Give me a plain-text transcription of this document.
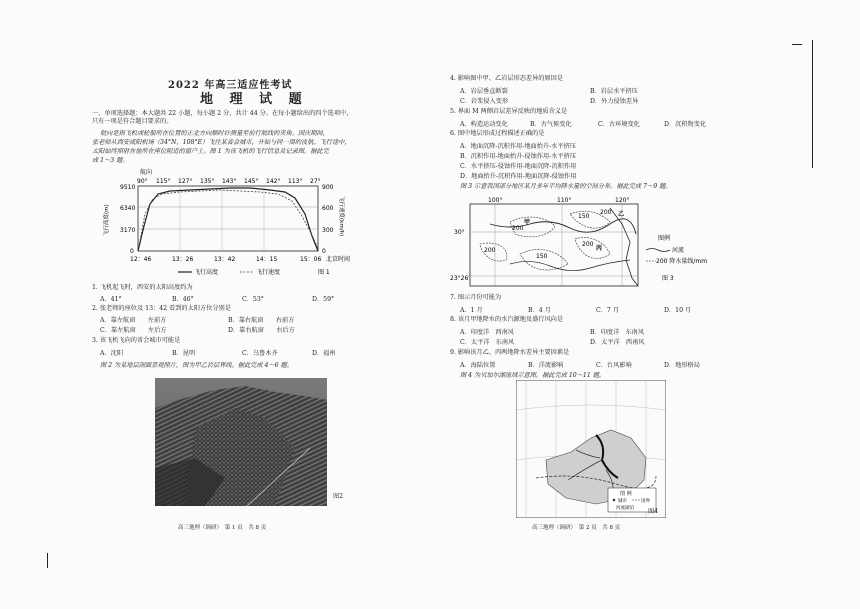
2022 年高三适应性考试
地 理 试 题
一、单项选择题：本大题共 22 小题，每小题 2 分，共计 44 分。在每小题给出的四个选项中，
只有一项是符合题目要求的。
航向是指飞机或轮船所在位置的正北方向顺时针测量至前行航线的夹角。国庆期间，
张老师从西安咸阳机场（34°N，108°E）飞往某省会城市，开始与同一周的夜航。飞行途中，
太阳始终照射在他所在座位附近的窗户上。图 1 为该飞机的飞行信息及记录图。据此完
成 1～3 题。
航向
90° 115° 127° 135° 143° 145° 142° 113° 27°
9510
6340
3170
0
900
600
300
0
飞行高度(m)	飞行速度(km/h)
12：46	13：26	13：42	14：15	15：06 北京时间
飞行高度	飞行速度	图 1
1. 飞机起飞时，西安的太阳高度约为
A．41°	B．46°	C．53°	D．59°
2. 张老师的座位及 13：42 看到的太阳方位分别是
A．靠左航窗　　左前方	B．靠右航窗　　右前方
C．靠左航窗　　左后方	D．靠右航窗　　右后方
3. 该飞机飞向的省会城市可能是
A．沈阳	B．昆明	C．乌鲁木齐	D．福州
图 2 为某地层剖面景观照片，图为甲乙岩层界线。据此完成 4～6 题。
图2
高三地理（调研）　第 1 页　共 8 页
4. 影响图中甲、乙岩层形态差异的原因是
A．岩层垂直断裂	B．岩层水平挤压
C．岩浆侵入变形	D．外力侵蚀差异
5. 界面 M 两侧岩层差异反映的地质含义是
A．构造运动变化	B．古气候变化	C．古环境变化	D．沉积物变化
6. 图中地层形成过程描述正确的是
A．地面沉降-沉积作用-地面抬升-水平挤压
B．沉积作用-地面抬升-侵蚀作用-水平挤压
C．水平挤压-侵蚀作用-地面沉降-沉积作用
D．地面抬升-沉积作用-地面沉降-侵蚀作用
图 3 示意我国部分地区某月多年平均降水量的空间分布。据此完成 7～9 题。
100°	110°	120°
30°
23°26′
200
150
200
200
150
200
甲
乙
丙
图例
河流
200 降水量线/mm
图 3
7. 图示月份可能为
A．1 月	B．4 月	C．7 月	D．10 月
8. 该月甲地降水的水汽源地及盛行风向是
A．印度洋　西南风	B．印度洋　东南风
C．太平洋　东南风	D．太平洋　西南风
9. 影响该月乙、丙两地降水差异主要因素是
A．海陆位置	B．洋流影响	C．台风影响	D．地形格局
图 4 为贝加尔湖流域示意图。据此完成 10～11 题。
图 例
城市	国界
河流湖泊 图4
高三地理（调研）　第 2 页　共 8 页
